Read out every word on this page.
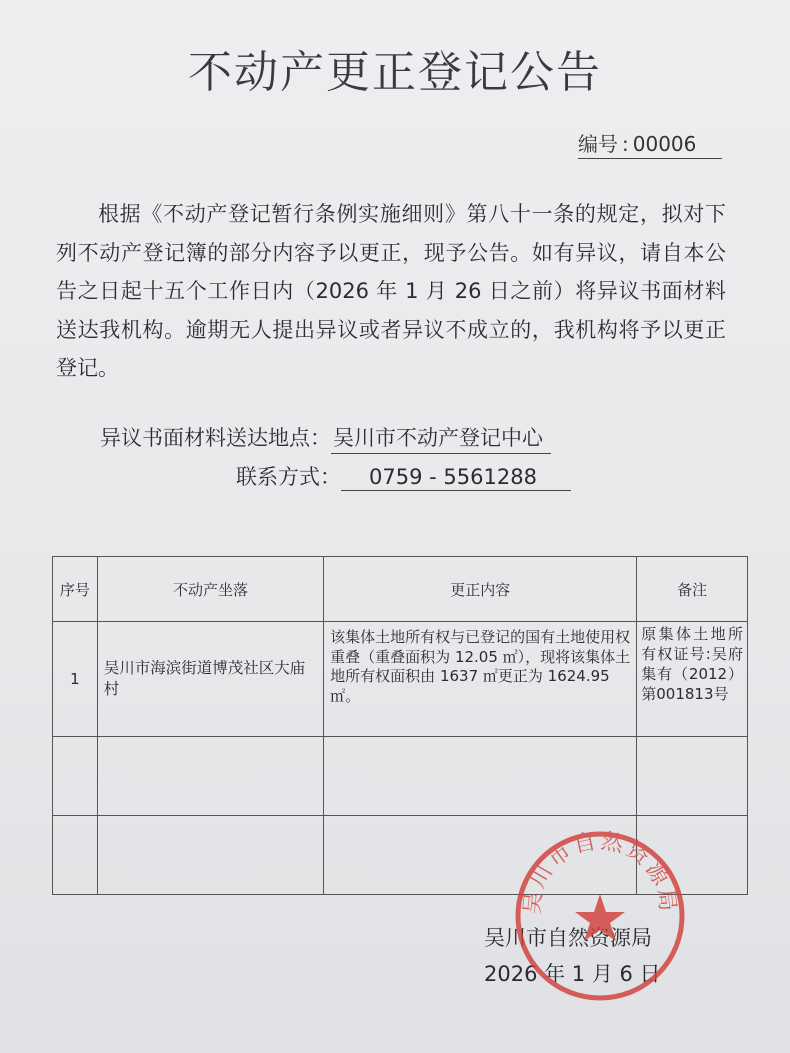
不动产更正登记公告
编号 : 00006
根据《不动产登记暂行条例实施细则》第八十一条的规定，拟对下列不动产登记簿的部分内容予以更正，现予公告。如有异议，请自本公告之日起十五个工作日内（2026 年 1 月 26 日之前）将异议书面材料送达我机构。逾期无人提出异议或者异议不成立的，我机构将予以更正登记。
异议书面材料送达地点：吴川市不动产登记中心
联系方式： 0759 - 5561288
序号	不动产坐落	更正内容	备注
1	吴川市海滨街道博茂社区大庙村	该集体土地所有权与已登记的国有土地使用权重叠（重叠面积为 12.05 ㎡），现将该集体土地所有权面积由 1637 ㎡更正为 1624.95 ㎡。	原集体土地所有权证号:吴府集有（2012）第001813号

吴川市自然资源局
2026 年 1 月 6 日
吴川市自然资源局
